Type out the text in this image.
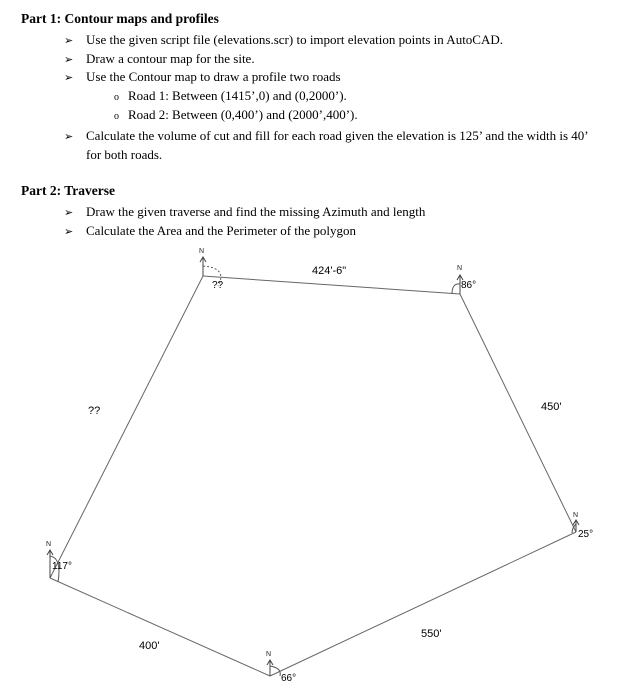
Part 1: Contour maps and profiles
➢ Use the given script file (elevations.scr) to import elevation points in AutoCAD.
➢ Draw a contour map for the site.
➢ Use the Contour map to draw a profile two roads
o Road 1: Between (1415’,0) and (0,2000’).
o Road 2: Between (0,400’) and (2000’,400’).
➢ Calculate the volume of cut and fill for each road given the elevation is 125’ and the width is 40’
for both roads.
Part 2: Traverse
➢ Draw the given traverse and find the missing Azimuth and length
➢ Calculate the Area and the Perimeter of the polygon
N
N
N
N
N
424'-6"
450'
550'
400'
??
??	86°
25°
66°
117°
